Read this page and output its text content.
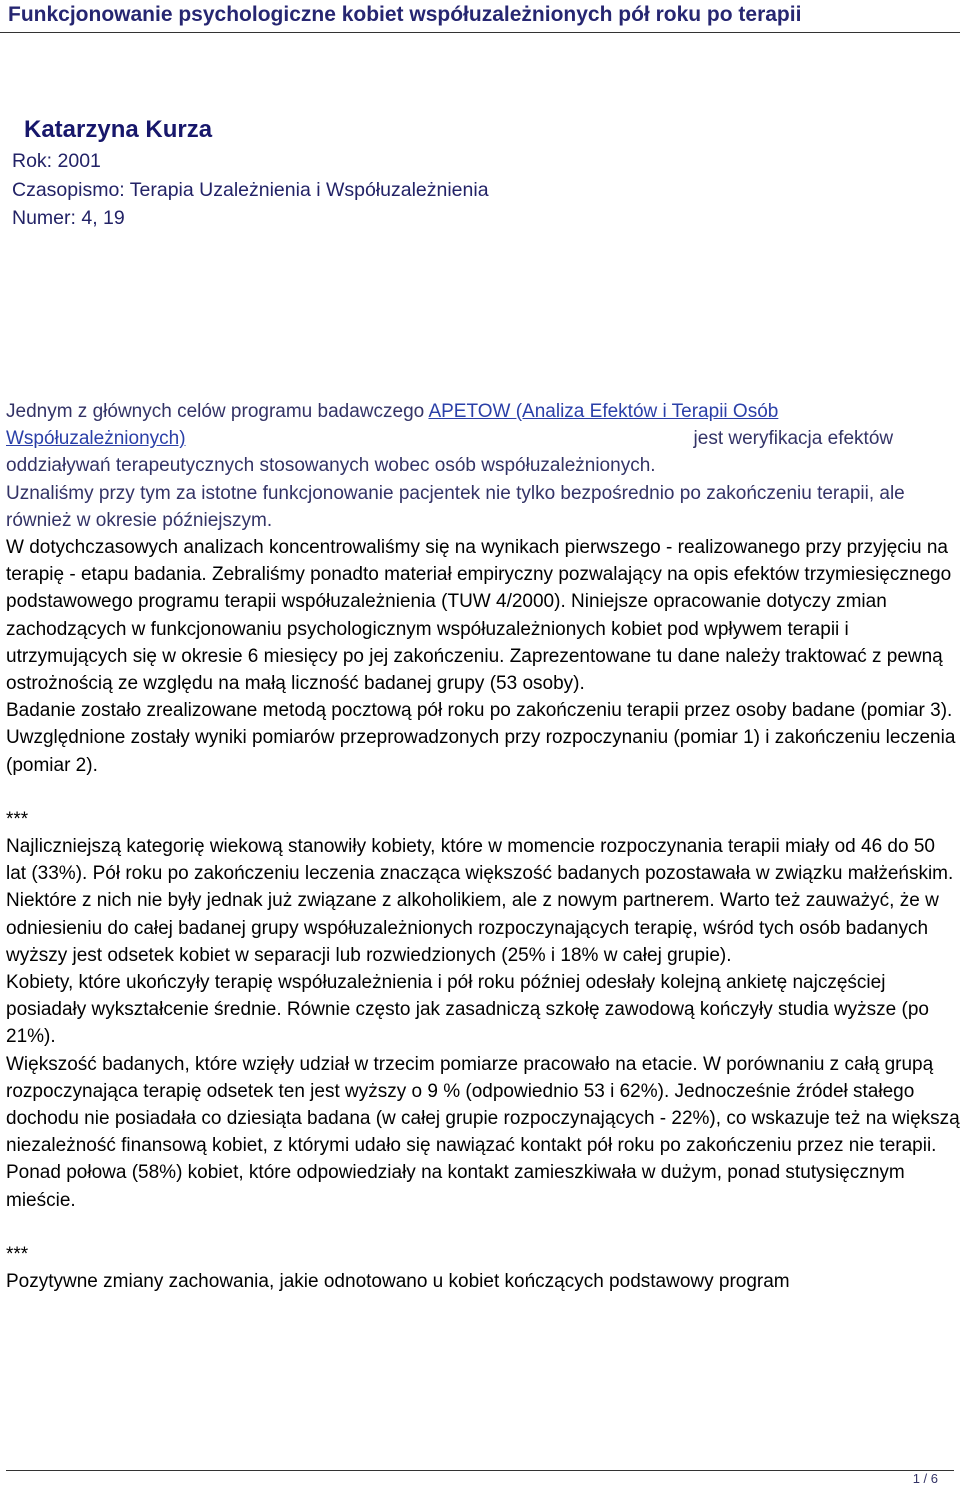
Funkcjonowanie psychologiczne kobiet współuzależnionych pół roku po terapii
Katarzyna Kurza
Rok: 2001
Czasopismo: Terapia Uzależnienia i Współuzależnienia
Numer: 4, 19

Jednym z głównych celów programu badawczego APETOW (Analiza Efektów i Terapii Osób
Współuzależnionych)	jest weryfikacja efektów oddziaływań terapeutycznych stosowanych wobec osób współuzależnionych.

Uznaliśmy przy tym za istotne funkcjonowanie pacjentek nie tylko bezpośrednio po zakończeniu terapii, ale również w okresie późniejszym.

W dotychczasowych analizach koncentrowaliśmy się na wynikach pierwszego - realizowanego przy przyjęciu na terapię - etapu badania. Zebraliśmy ponadto materiał empiryczny pozwalający na opis efektów trzymiesięcznego podstawowego programu terapii współuzależnienia (TUW 4/2000). Niniejsze opracowanie dotyczy zmian zachodzących w funkcjonowaniu psychologicznym współuzależnionych kobiet pod wpływem terapii i utrzymujących się w okresie 6 miesięcy po jej zakończeniu. Zaprezentowane tu dane należy traktować z pewną ostrożnością ze względu na małą liczność badanej grupy (53 osoby).

Badanie zostało zrealizowane metodą pocztową pół roku po zakończeniu terapii przez osoby badane (pomiar 3). Uwzględnione zostały wyniki pomiarów przeprowadzonych przy rozpoczynaniu (pomiar 1) i zakończeniu leczenia (pomiar 2).

***

Najliczniejszą kategorię wiekową stanowiły kobiety, które w momencie rozpoczynania terapii miały od 46 do 50 lat (33%). Pół roku po zakończeniu leczenia znacząca większość badanych pozostawała w związku małżeńskim. Niektóre z nich nie były jednak już związane z alkoholikiem, ale z nowym partnerem. Warto też zauważyć, że w odniesieniu do całej badanej grupy współuzależnionych rozpoczynających terapię, wśród tych osób badanych wyższy jest odsetek kobiet w separacji lub rozwiedzionych (25% i 18% w całej grupie).

Kobiety, które ukończyły terapię współuzależnienia i pół roku później odesłały kolejną ankietę najczęściej posiadały wykształcenie średnie. Równie często jak zasadniczą szkołę zawodową kończyły studia wyższe (po 21%).

Większość badanych, które wzięły udział w trzecim pomiarze pracowało na etacie. W porównaniu z całą grupą rozpoczynająca terapię odsetek ten jest wyższy o 9 % (odpowiednio 53 i 62%). Jednocześnie źródeł stałego dochodu nie posiadała co dziesiąta badana (w całej grupie rozpoczynających - 22%), co wskazuje też na większą niezależność finansową kobiet, z którymi udało się nawiązać kontakt pół roku po zakończeniu przez nie terapii.

Ponad połowa (58%) kobiet, które odpowiedziały na kontakt zamieszkiwała w dużym, ponad stutysięcznym mieście.

***

Pozytywne zmiany zachowania, jakie odnotowano u kobiet kończących podstawowy program

1 / 6
